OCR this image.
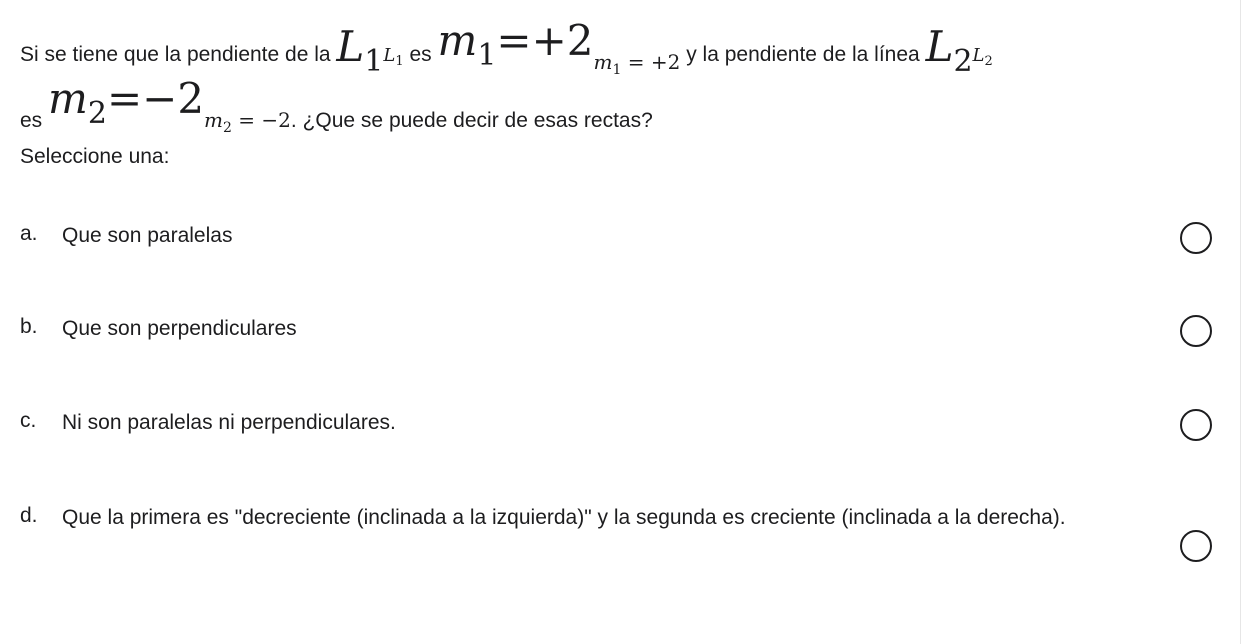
Si se tiene que la pendiente de la $L_1L_1$ es $m_1=+2m_1 = +2$ y la pendiente de la línea $L_2L_2$
es $m_2=-2m_2 = -2$. ¿Que se puede decir de esas rectas?
Seleccione una:
a. Que son paralelas
b. Que son perpendiculares
c. Ni son paralelas ni perpendiculares.
d. Que la primera es "decreciente (inclinada a la izquierda)" y la segunda es creciente (inclinada a la derecha).
